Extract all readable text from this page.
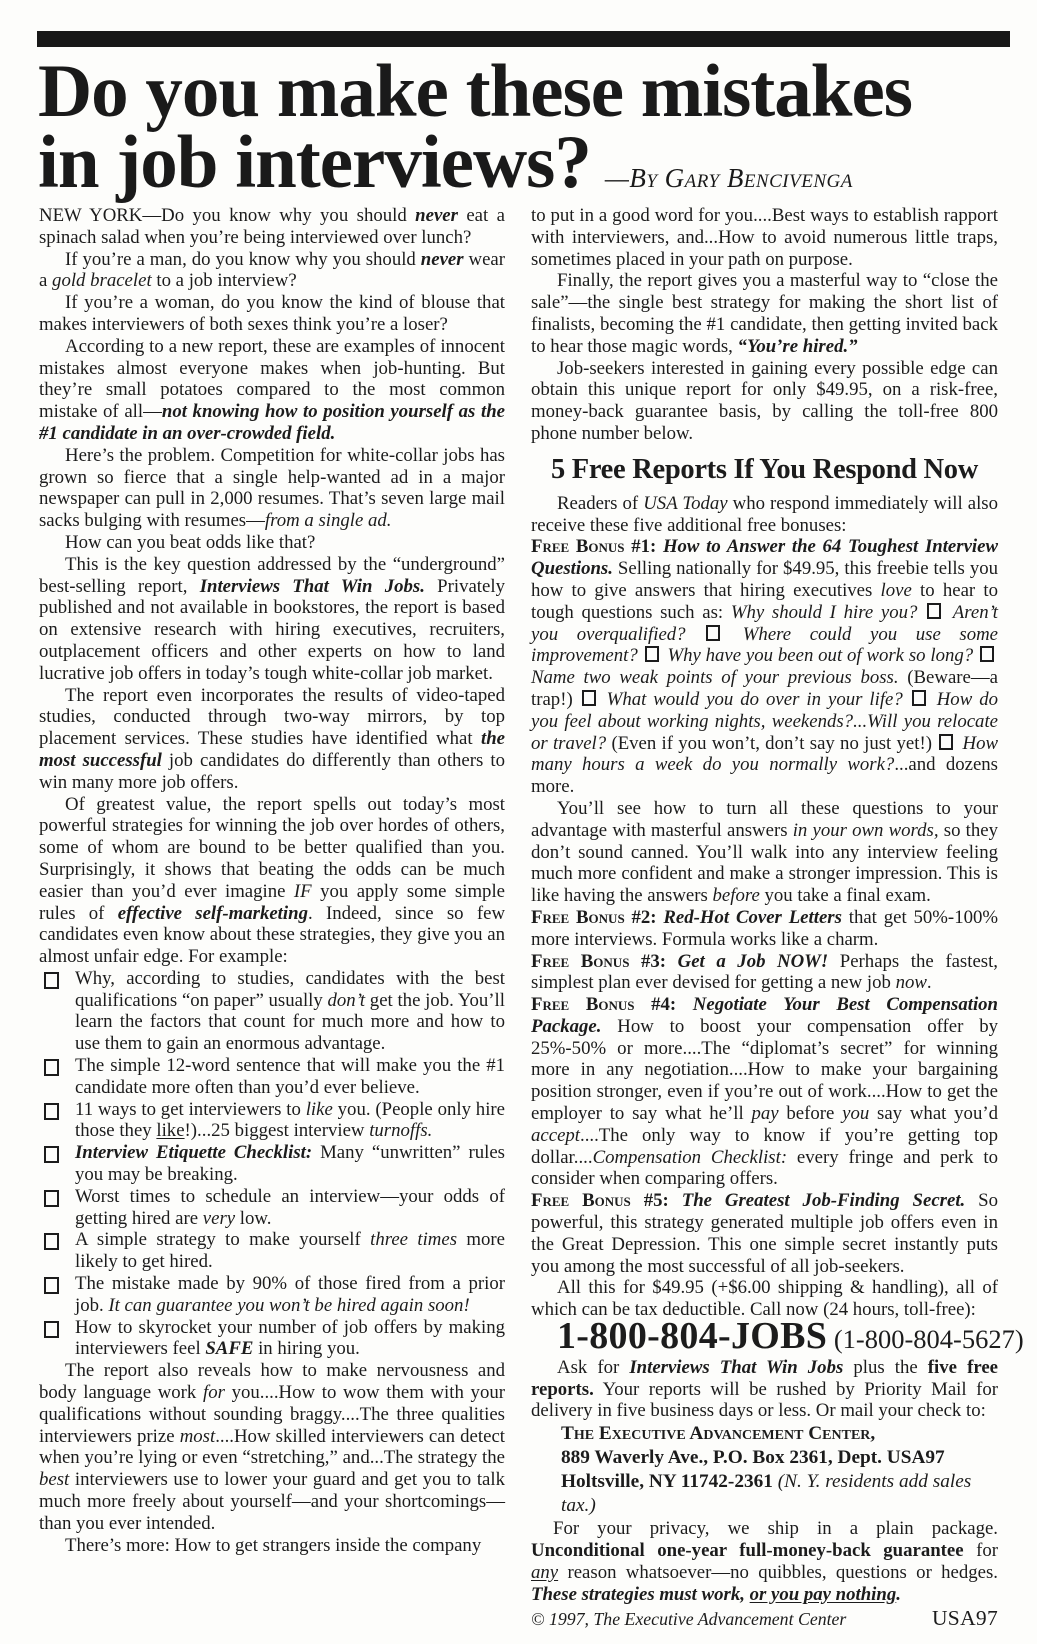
Do you make these mistakes
in job interviews? —By Gary Bencivenga
NEW YORK—Do you know why you should never eat a spinach salad when you’re being interviewed over lunch?
If you’re a man, do you know why you should never wear a gold bracelet to a job interview?
If you’re a woman, do you know the kind of blouse that makes interviewers of both sexes think you’re a loser?
According to a new report, these are examples of innocent mistakes almost everyone makes when job-hunting. But they’re small potatoes compared to the most common mistake of all—not knowing how to position yourself as the #1 candidate in an over-crowded field.
Here’s the problem. Competition for white-collar jobs has grown so fierce that a single help-wanted ad in a major newspaper can pull in 2,000 resumes. That’s seven large mail sacks bulging with resumes—from a single ad.
How can you beat odds like that?
This is the key question addressed by the “underground” best-selling report, Interviews That Win Jobs. Privately published and not available in bookstores, the report is based on extensive research with hiring executives, recruiters, outplacement officers and other experts on how to land lucrative job offers in today’s tough white-collar job market.
The report even incorporates the results of video-taped studies, conducted through two-way mirrors, by top placement services. These studies have identified what the most successful job candidates do differently than others to win many more job offers.
Of greatest value, the report spells out today’s most powerful strategies for winning the job over hordes of others, some of whom are bound to be better qualified than you. Surprisingly, it shows that beating the odds can be much easier than you’d ever imagine IF you apply some simple rules of effective self-marketing. Indeed, since so few candidates even know about these strategies, they give you an almost unfair edge. For example:
Why, according to studies, candidates with the best qualifications “on paper” usually don’t get the job. You’ll learn the factors that count for much more and how to use them to gain an enormous advantage.
The simple 12-word sentence that will make you the #1 candidate more often than you’d ever believe.
11 ways to get interviewers to like you. (People only hire those they like!)...25 biggest interview turnoffs.
Interview Etiquette Checklist: Many “unwritten” rules you may be breaking.
Worst times to schedule an interview—your odds of getting hired are very low.
A simple strategy to make yourself three times more likely to get hired.
The mistake made by 90% of those fired from a prior job. It can guarantee you won’t be hired again soon!
How to skyrocket your number of job offers by making interviewers feel SAFE in hiring you.
The report also reveals how to make nervousness and body language work for you....How to wow them with your qualifications without sounding braggy....The three qualities interviewers prize most....How skilled interviewers can detect when you’re lying or even “stretching,” and...The strategy the best interviewers use to lower your guard and get you to talk much more freely about yourself—and your shortcomings—than you ever intended.
There’s more: How to get strangers inside the company
to put in a good word for you....Best ways to establish rapport with interviewers, and...How to avoid numerous little traps, sometimes placed in your path on purpose.
Finally, the report gives you a masterful way to “close the sale”—the single best strategy for making the short list of finalists, becoming the #1 candidate, then getting invited back to hear those magic words, “You’re hired.”
Job-seekers interested in gaining every possible edge can obtain this unique report for only $49.95, on a risk-free, money-back guarantee basis, by calling the toll-free 800 phone number below.
5 Free Reports If You Respond Now
Readers of USA Today who respond immediately will also receive these five additional free bonuses:
Free Bonus #1: How to Answer the 64 Toughest Interview Questions. Selling nationally for $49.95, this freebie tells you how to give answers that hiring executives love to hear to tough questions such as: Why should I hire you? Aren’t you overqualified?	Where could you use some improvement? Why have you been out of work so long?  Name two weak points of your previous boss. (Beware—a trap!)  What would you do over in your life? How do you feel about working nights, weekends?...Will you relocate or travel? (Even if you won’t, don’t say no just yet!)  How many hours a week do you normally work?...and dozens more.
You’ll see how to turn all these questions to your advantage with masterful answers in your own words, so they don’t sound canned. You’ll walk into any interview feeling much more confident and make a stronger impression. This is like having the answers before you take a final exam.
Free Bonus #2: Red-Hot Cover Letters that get 50%-100% more interviews. Formula works like a charm.
Free Bonus #3: Get a Job NOW! Perhaps the fastest, simplest plan ever devised for getting a new job now.
Free Bonus #4: Negotiate Your Best Compensation Package. How to boost your compensation offer by 25%-50% or more....The “diplomat’s secret” for winning more in any negotiation....How to make your bargaining position stronger, even if you’re out of work....How to get the employer to say what he’ll pay before you say what you’d accept....The only way to know if you’re getting top dollar....Compensation Checklist: every fringe and perk to consider when comparing offers.
Free Bonus #5: The Greatest Job-Finding Secret. So powerful, this strategy generated multiple job offers even in the Great Depression. This one simple secret instantly puts you among the most successful of all job-seekers.
All this for $49.95 (+$6.00 shipping & handling), all of which can be tax deductible. Call now (24 hours, toll-free):
1-800-804-JOBS (1-800-804-5627)
Ask for Interviews That Win Jobs plus the five free reports. Your reports will be rushed by Priority Mail for delivery in five business days or less. Or mail your check to:
The Executive Advancement Center,
889 Waverly Ave., P.O. Box 2361, Dept. USA97
Holtsville, NY 11742-2361 (N. Y. residents add sales tax.)
For your privacy, we ship in a plain package.
Unconditional one-year full-money-back guarantee for any reason whatsoever—no quibbles, questions or hedges. These strategies must work, or you pay nothing.
© 1997, The Executive Advancement Center	USA97
